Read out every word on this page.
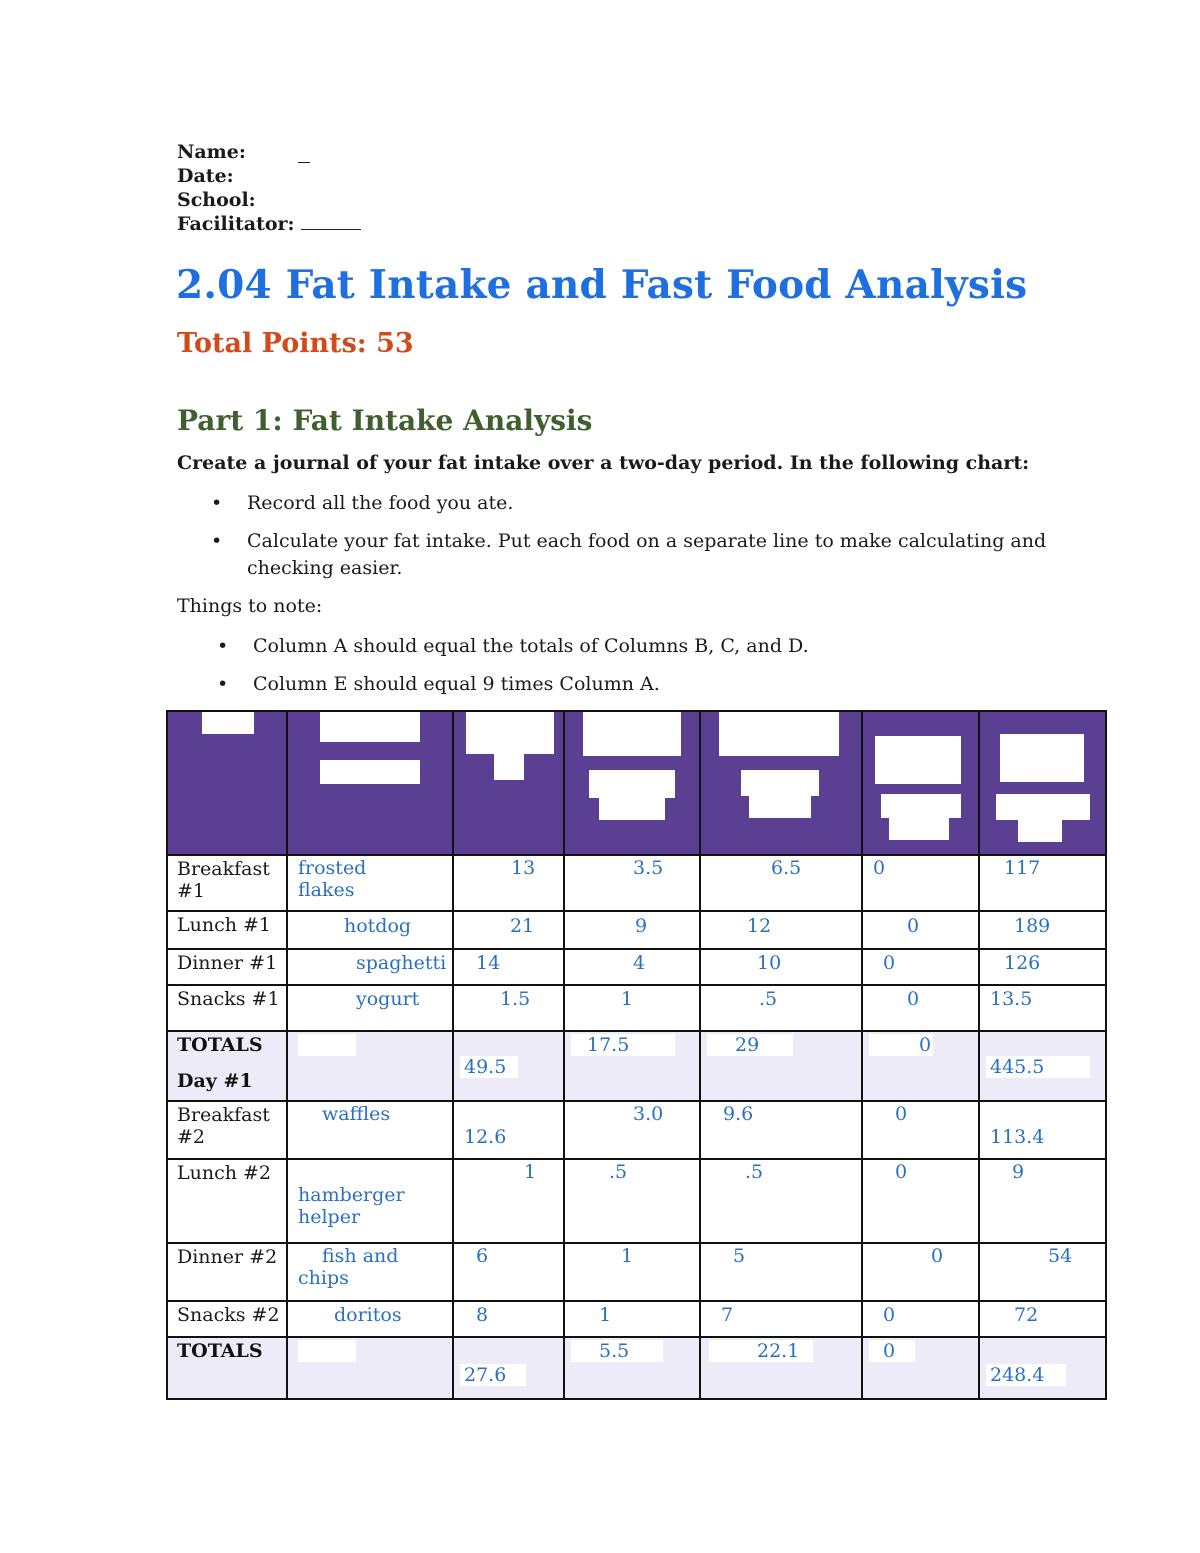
Name:
Date:
School:
Facilitator:
2.04 Fat Intake and Fast Food Analysis
Total Points: 53
Part 1: Fat Intake Analysis
Create a journal of your fat intake over a two-day period. In the following chart:
• Record all the food you ate.
• Calculate your fat intake. Put each food on a separate line to make calculating and checking easier.
Things to note:
• Column A should equal the totals of Columns B, C, and D.
• Column E should equal 9 times Column A.

Breakfast #1	frosted flakes	13	3.5	6.5	0	117

Lunch #1	hotdog	21	9	12	0	189

Dinner #1	spaghetti	14	4	10	0	126

Snacks #1	yogurt	1.5	1	.5	0	13.5

TOTALS
Day #1		49.5	17.5	29	0	445.5

Breakfast #2	waffles	12.6	3.0	9.6	0	113.4

Lunch #2	hamberger helper	1	.5	.5	0	9

Dinner #2	fish and chips	6	1	5	0	54

Snacks #2	doritos	8	1	7	0	72

TOTALS		27.6	5.5	22.1	0	248.4
